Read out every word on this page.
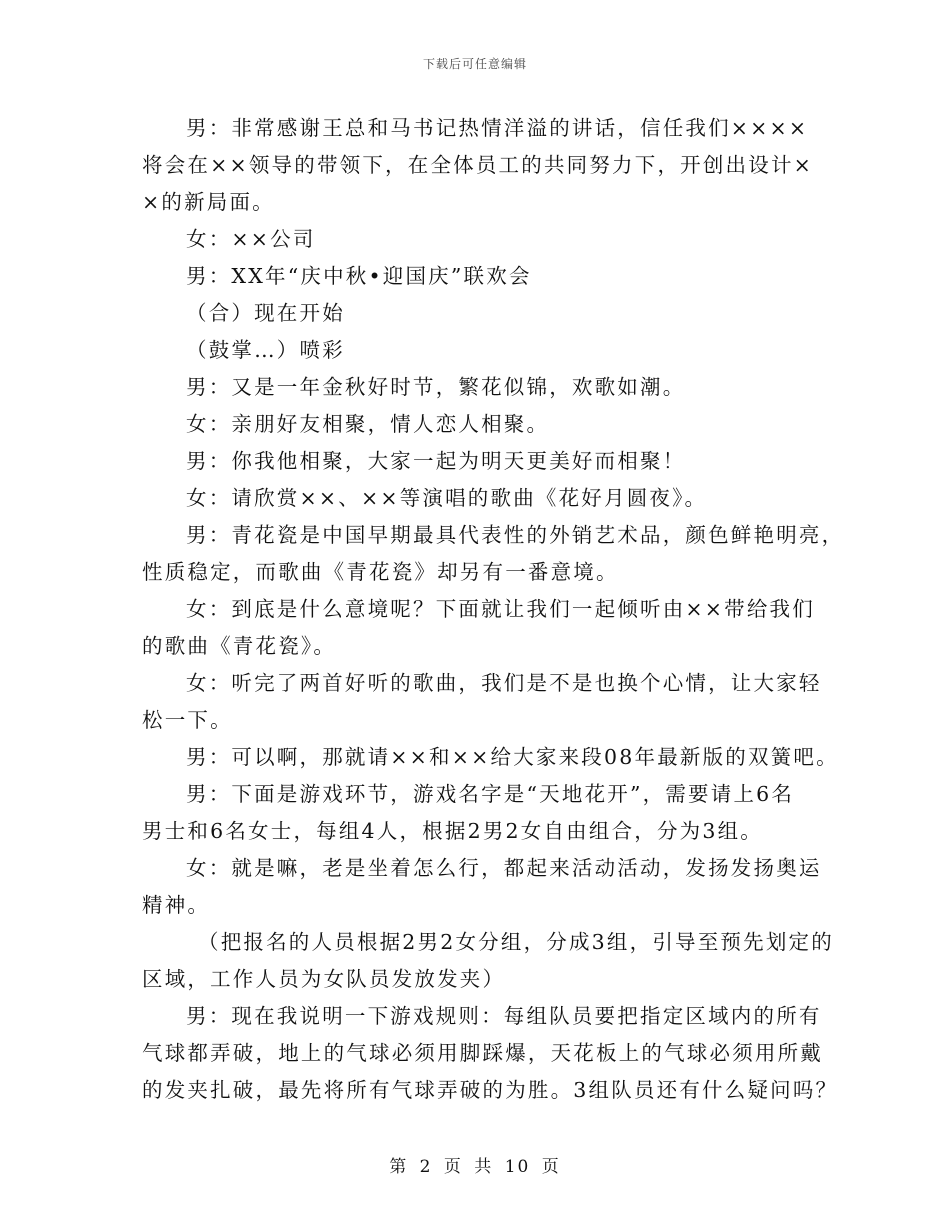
下载后可任意编辑
男：非常感谢王总和马书记热情洋溢的讲话，信任我们××××
将会在××领导的带领下，在全体员工的共同努力下，开创出设计×
×的新局面。
女：××公司
男：XX年“庆中秋•迎国庆”联欢会
（合）现在开始
（鼓掌…）喷彩
男：又是一年金秋好时节，繁花似锦，欢歌如潮。
女：亲朋好友相聚，情人恋人相聚。
男：你我他相聚，大家一起为明天更美好而相聚！
女：请欣赏××、××等演唱的歌曲《花好月圆夜》。
男：青花瓷是中国早期最具代表性的外销艺术品，颜色鲜艳明亮，
性质稳定，而歌曲《青花瓷》却另有一番意境。
女：到底是什么意境呢？下面就让我们一起倾听由××带给我们
的歌曲《青花瓷》。
女：听完了两首好听的歌曲，我们是不是也换个心情，让大家轻
松一下。
男：可以啊，那就请××和××给大家来段08年最新版的双簧吧。
男：下面是游戏环节，游戏名字是“天地花开”，需要请上6名
男士和6名女士，每组4人，根据2男2女自由组合，分为3组。
女：就是嘛，老是坐着怎么行，都起来活动活动，发扬发扬奥运
精神。
（把报名的人员根据2男2女分组，分成3组，引导至预先划定的
区域，工作人员为女队员发放发夹）
男：现在我说明一下游戏规则：每组队员要把指定区域内的所有
气球都弄破，地上的气球必须用脚踩爆，天花板上的气球必须用所戴
的发夹扎破，最先将所有气球弄破的为胜。3组队员还有什么疑问吗？
第 2 页 共 10 页
